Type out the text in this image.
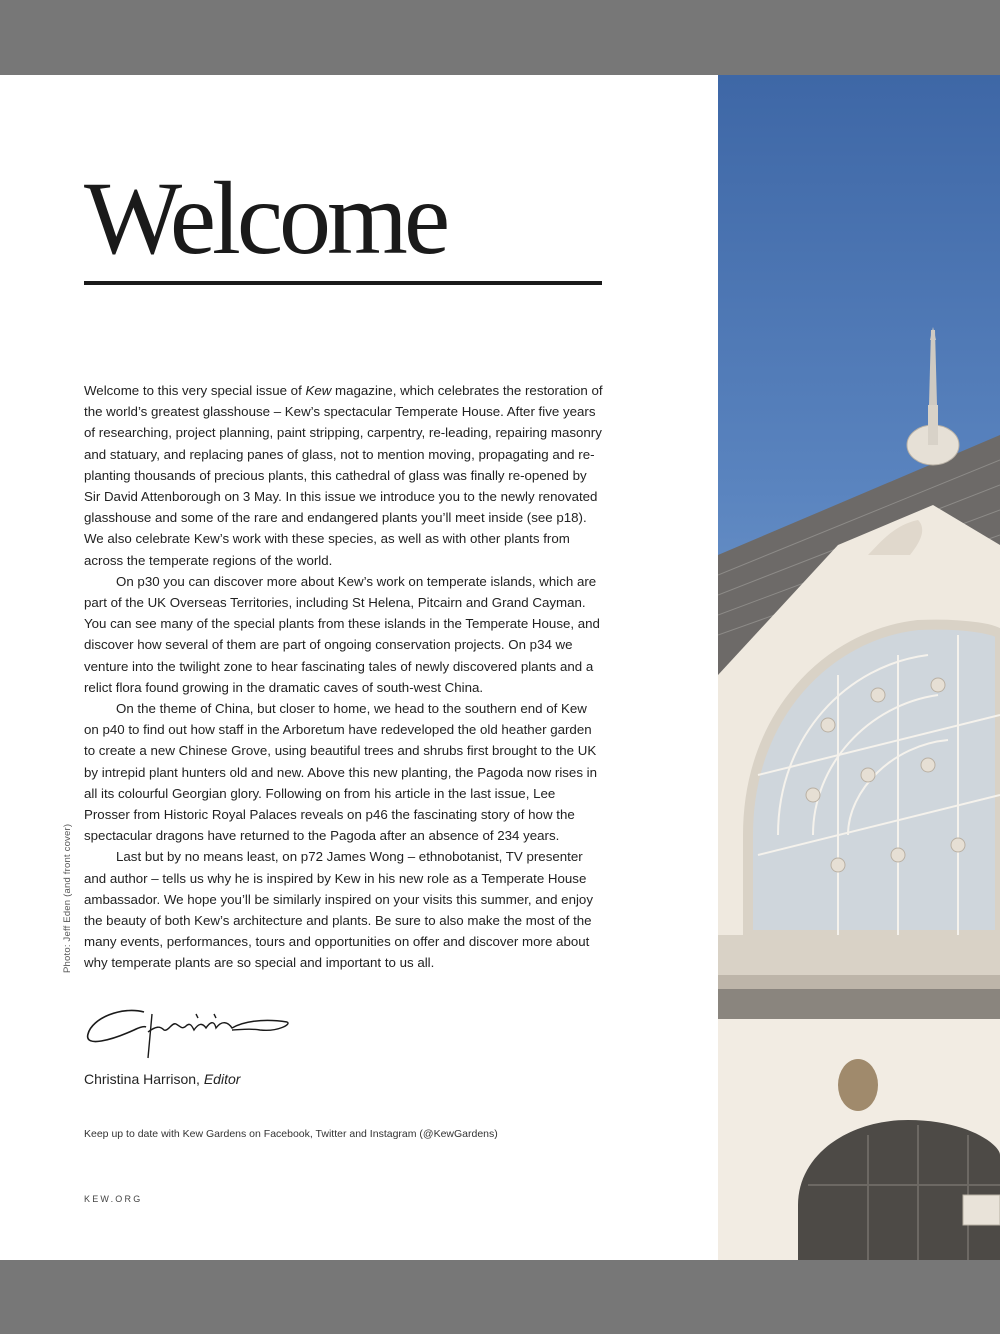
Welcome

Welcome to this very special issue of Kew magazine, which celebrates the restoration of the world’s greatest glasshouse – Kew’s spectacular Temperate House. After five years of researching, project planning, paint stripping, carpentry, re-leading, repairing masonry and statuary, and replacing panes of glass, not to mention moving, propagating and re-planting thousands of precious plants, this cathedral of glass was finally re-opened by Sir David Attenborough on 3 May. In this issue we introduce you to the newly renovated glasshouse and some of the rare and endangered plants you’ll meet inside (see p18). We also celebrate Kew’s work with these species, as well as with other plants from across the temperate regions of the world.

On p30 you can discover more about Kew’s work on temperate islands, which are part of the UK Overseas Territories, including St Helena, Pitcairn and Grand Cayman. You can see many of the special plants from these islands in the Temperate House, and discover how several of them are part of ongoing conservation projects. On p34 we venture into the twilight zone to hear fascinating tales of newly discovered plants and a relict flora found growing in the dramatic caves of south-west China.

On the theme of China, but closer to home, we head to the southern end of Kew on p40 to find out how staff in the Arboretum have redeveloped the old heather garden to create a new Chinese Grove, using beautiful trees and shrubs first brought to the UK by intrepid plant hunters old and new. Above this new planting, the Pagoda now rises in all its colourful Georgian glory. Following on from his article in the last issue, Lee Prosser from Historic Royal Palaces reveals on p46 the fascinating story of how the spectacular dragons have returned to the Pagoda after an absence of 234 years.

Last but by no means least, on p72 James Wong – ethnobotanist, TV presenter and author – tells us why he is inspired by Kew in his new role as a Temperate House ambassador. We hope you’ll be similarly inspired on your visits this summer, and enjoy the beauty of both Kew’s architecture and plants. Be sure to also make the most of the many events, performances, tours and opportunities on offer and discover more about why temperate plants are so special and important to us all.

Photo: Jeff Eden (and front cover)
Christina Harrison, Editor
Keep up to date with Kew Gardens on Facebook, Twitter and Instagram (@KewGardens)
KEW.ORG
